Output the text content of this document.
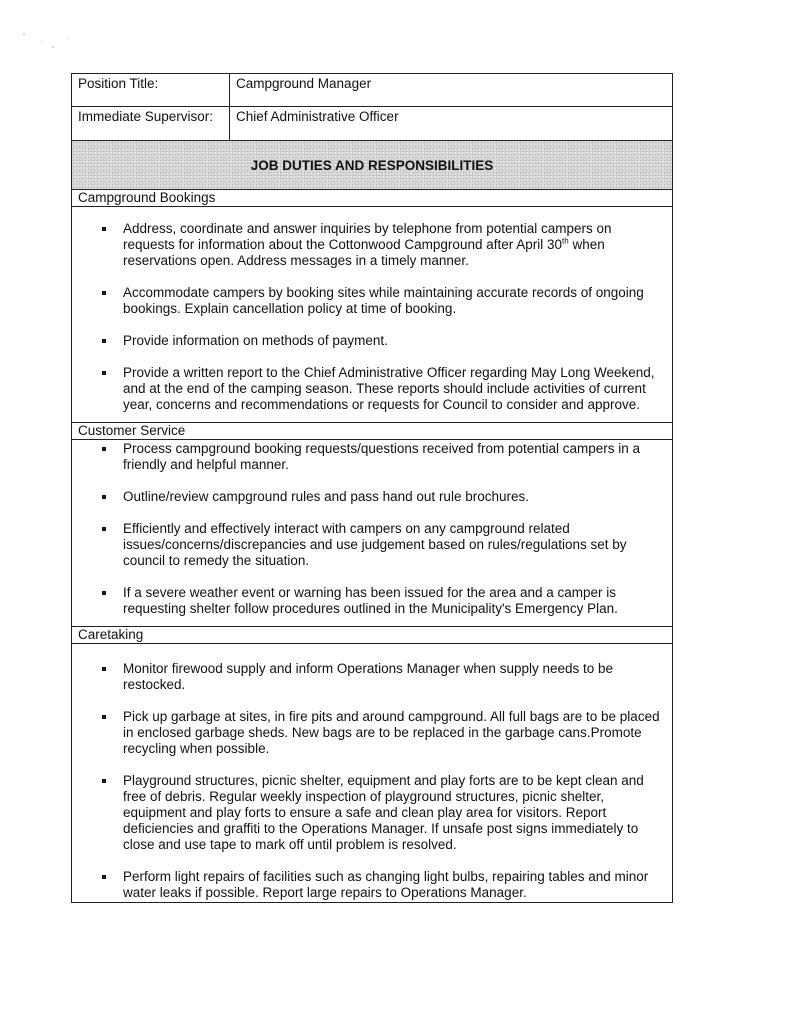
Position Title:	Campground Manager
Immediate Supervisor:	Chief Administrative Officer
JOB DUTIES AND RESPONSIBILITIES
Campground Bookings
Address, coordinate and answer inquiries by telephone from potential campers on requests for information about the Cottonwood Campground after April 30th when reservations open. Address messages in a timely manner.
Accommodate campers by booking sites while maintaining accurate records of ongoing bookings. Explain cancellation policy at time of booking.
Provide information on methods of payment.
Provide a written report to the Chief Administrative Officer regarding May Long Weekend, and at the end of the camping season. These reports should include activities of current year, concerns and recommendations or requests for Council to consider and approve.
Customer Service
Process campground booking requests/questions received from potential campers in a friendly and helpful manner.
Outline/review campground rules and pass hand out rule brochures.
Efficiently and effectively interact with campers on any campground related issues/concerns/discrepancies and use judgement based on rules/regulations set by council to remedy the situation.
If a severe weather event or warning has been issued for the area and a camper is requesting shelter follow procedures outlined in the Municipality's Emergency Plan.
Caretaking
Monitor firewood supply and inform Operations Manager when supply needs to be restocked.
Pick up garbage at sites, in fire pits and around campground. All full bags are to be placed in enclosed garbage sheds. New bags are to be replaced in the garbage cans.Promote recycling when possible.
Playground structures, picnic shelter, equipment and play forts are to be kept clean and free of debris. Regular weekly inspection of playground structures, picnic shelter, equipment and play forts to ensure a safe and clean play area for visitors. Report deficiencies and graffiti to the Operations Manager. If unsafe post signs immediately to close and use tape to mark off until problem is resolved.
Perform light repairs of facilities such as changing light bulbs, repairing tables and minor water leaks if possible. Report large repairs to Operations Manager.
